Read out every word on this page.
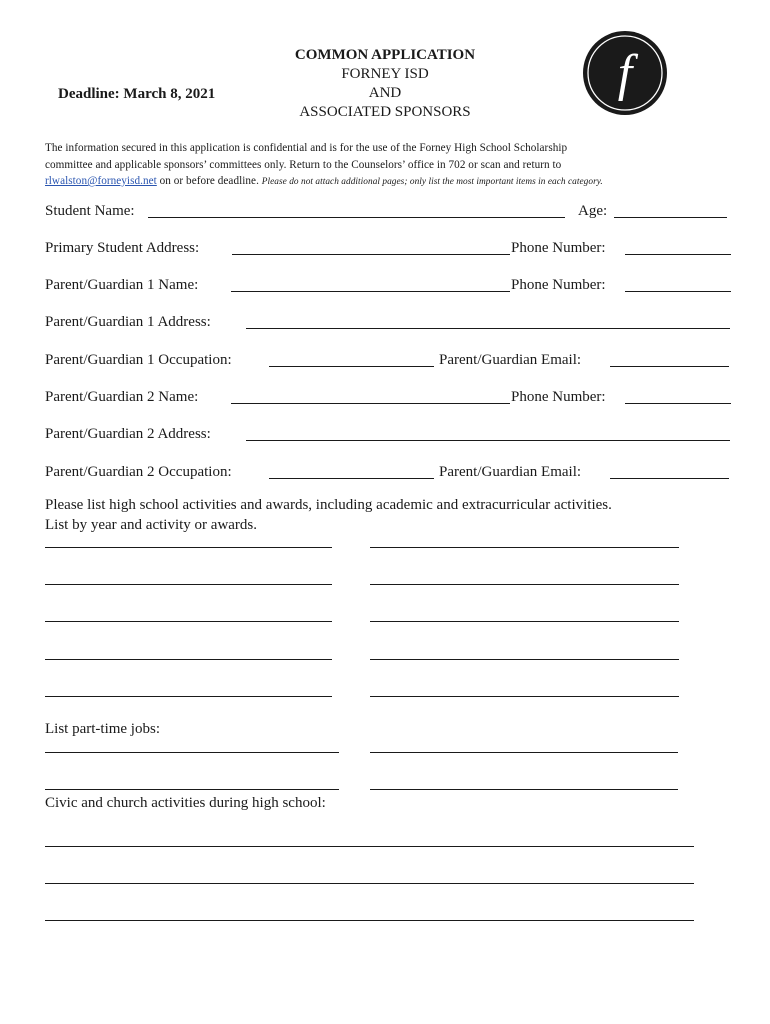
COMMON APPLICATION
FORNEY ISD
AND
ASSOCIATED SPONSORS
Deadline: March 8, 2021	f
The information secured in this application is confidential and is for the use of the Forney High School Scholarship
committee and applicable sponsors’ committees only. Return to the Counselors’ office in 702 or scan and return to
rlwalston@forneyisd.net on or before deadline. Please do not attach additional pages; only list the most important items in each category.
Student Name:	Age:
Primary Student Address:	Phone Number:
Parent/Guardian 1 Name:	Phone Number:
Parent/Guardian 1 Address:
Parent/Guardian 1 Occupation:	Parent/Guardian Email:
Parent/Guardian 2 Name:	Phone Number:
Parent/Guardian 2 Address:
Parent/Guardian 2 Occupation:	Parent/Guardian Email:
Please list high school activities and awards, including academic and extracurricular activities.
List by year and activity or awards.
List part-time jobs:
Civic and church activities during high school:
